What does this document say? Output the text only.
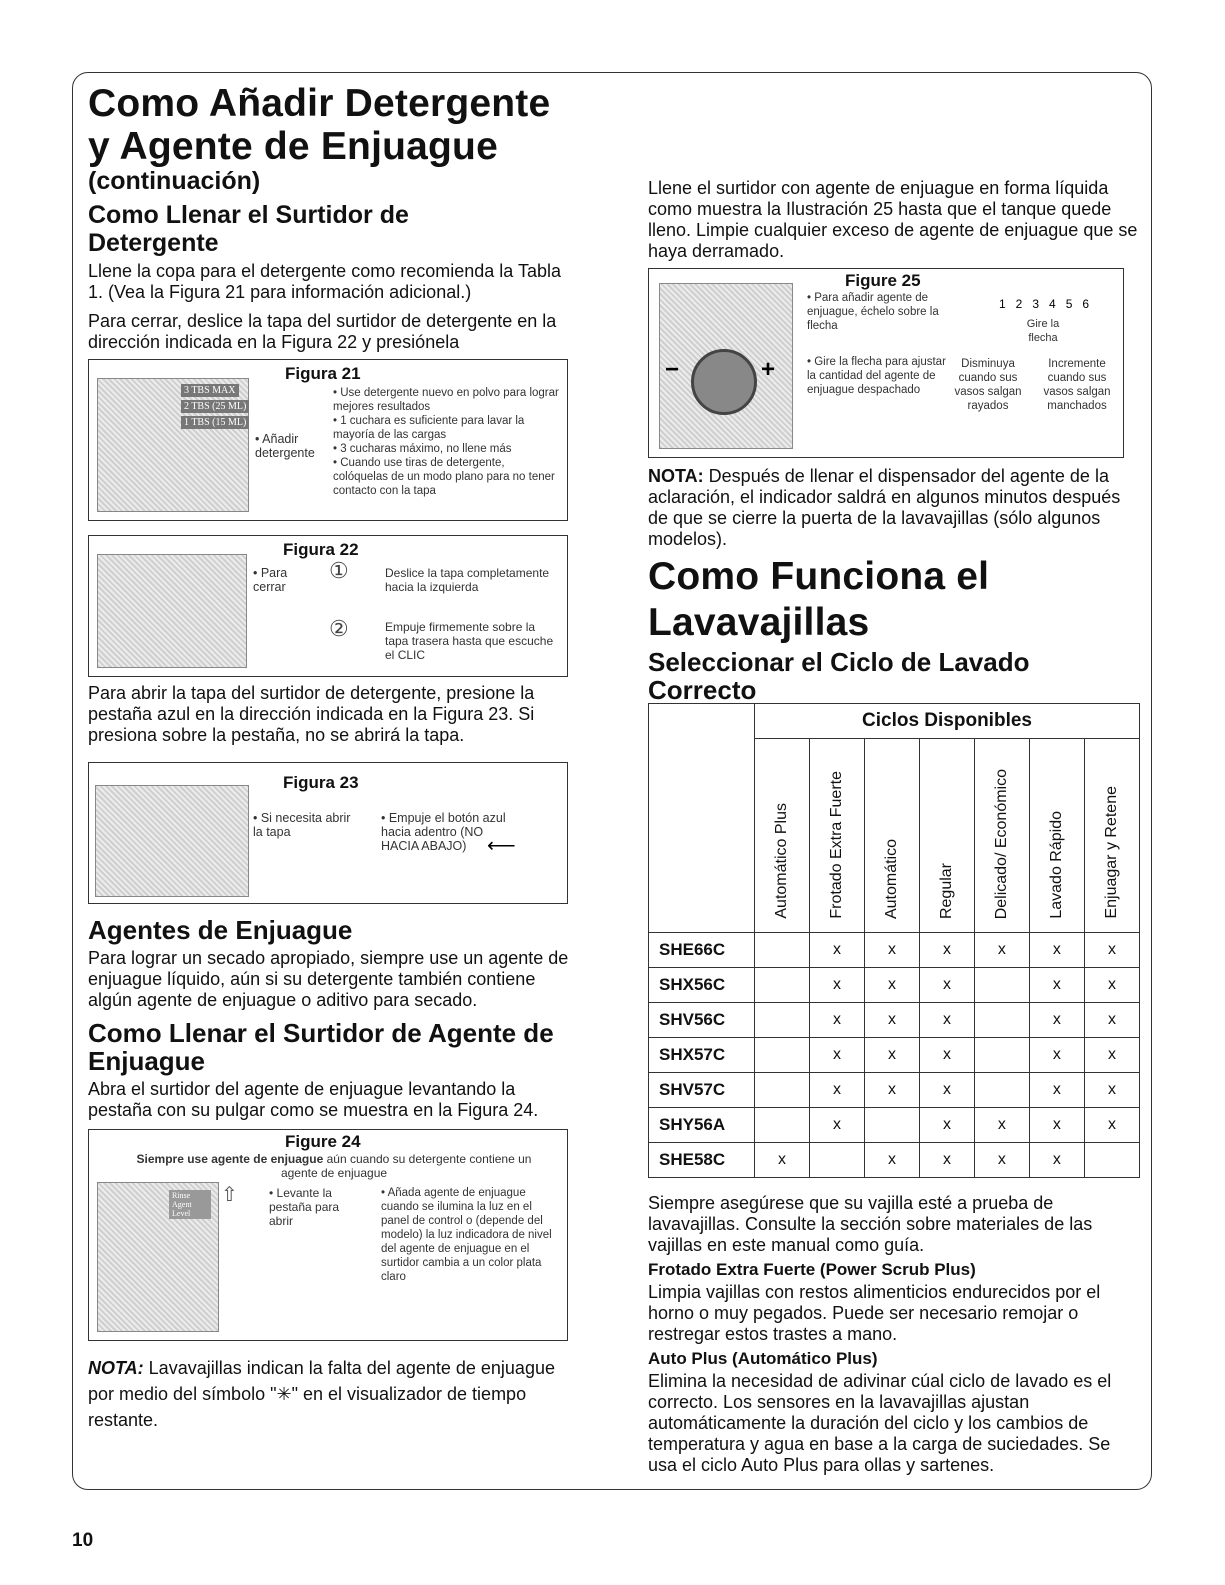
Como Añadir Detergente
y Agente de Enjuague
(continuación)
Como Llenar el Surtidor de Detergente

Llene la copa para el detergente como recomienda la Tabla 1. (Vea la Figura 21 para información adicional.)

Para cerrar, deslice la tapa del surtidor de detergente en la dirección indicada en la Figura 22 y presiónela

Figura 21
3 TBS MAX
2 TBS (25 ML)
1 TBS (15 ML)
• Añadir detergente
• Use detergente nuevo en polvo para lograr mejores resultados
• 1 cuchara es suficiente para lavar la mayoría de las cargas
• 3 cucharas máximo, no llene más
• Cuando use tiras de detergente, colóquelas de un modo plano para no tener contacto con la tapa
Figura 22
• Para cerrar
①	Deslice la tapa completamente hacia la izquierda
②	Empuje firmemente sobre la tapa trasera hasta que escuche el CLIC

Para abrir la tapa del surtidor de detergente, presione la pestaña azul en la dirección indicada en la Figura 23. Si presiona sobre la pestaña, no se abrirá la tapa.

Figura 23
• Si necesita abrir la tapa
• Empuje el botón azul hacia adentro (NO HACIA ABAJO)	⟵
Agentes de Enjuague

Para lograr un secado apropiado, siempre use un agente de enjuague líquido, aún si su detergente también contiene algún agente de enjuague o aditivo para secado.

Como Llenar el Surtidor de Agente de Enjuague

Abra el surtidor del agente de enjuague levantando la pestaña con su pulgar como se muestra en la Figura 24.

Figure 24
Siempre use agente de enjuague aún cuando su detergente contiene un agente de enjuague
Rinse Agent Level
⇧	• Levante la pestaña para abrir
• Añada agente de enjuague cuando se ilumina la luz en el panel de control o (depende del modelo) la luz indicadora de nivel del agente de enjuague en el surtidor cambia a un color plata claro

NOTA: Lavavajillas indican la falta del agente de enjuague por medio del símbolo "✳" en el visualizador de tiempo restante.

Llene el surtidor con agente de enjuague en forma líquida como muestra la Ilustración 25 hasta que el tanque quede lleno. Limpie cualquier exceso de agente de enjuague que se haya derramado.

Figure 25
−	+
• Para añadir agente de enjuague, échelo sobre la flecha
• Gire la flecha para ajustar la cantidad del agente de enjuague despachado
123456
Gire la flecha
Disminuya cuando sus vasos salgan rayados
Incremente cuando sus vasos salgan manchados

NOTA: Después de llenar el dispensador del agente de la aclaración, el indicador saldrá en algunos minutos después de que se cierre la puerta de la lavavajillas (sólo algunos modelos).

Como Funciona el Lavavajillas
Seleccionar el Ciclo de Lavado Correcto
	Ciclos Disponibles						
	Automático Plus	Frotado Extra Fuerte	Automático	Regular	Delicado/ Económico	Lavado Rápido	Enjuagar y Retene
SHE66C		x	x	x	x	x	x
SHX56C		x	x	x		x	x
SHV56C		x	x	x		x	x
SHX57C		x	x	x		x	x
SHV57C		x	x	x		x	x
SHY56A		x		x	x	x	x
SHE58C	x		x	x	x	x	

Siempre asegúrese que su vajilla esté a prueba de lavavajillas. Consulte la sección sobre materiales de las vajillas en este manual como guía.

Frotado Extra Fuerte (Power Scrub Plus)

Limpia vajillas con restos alimenticios endurecidos por el horno o muy pegados. Puede ser necesario remojar o restregar estos trastes a mano.

Auto Plus (Automático Plus)

Elimina la necesidad de adivinar cúal ciclo de lavado es el correcto. Los sensores en la lavavajillas ajustan automáticamente la duración del ciclo y los cambios de temperatura y agua en base a la carga de suciedades. Se usa el ciclo Auto Plus para ollas y sartenes.

10
